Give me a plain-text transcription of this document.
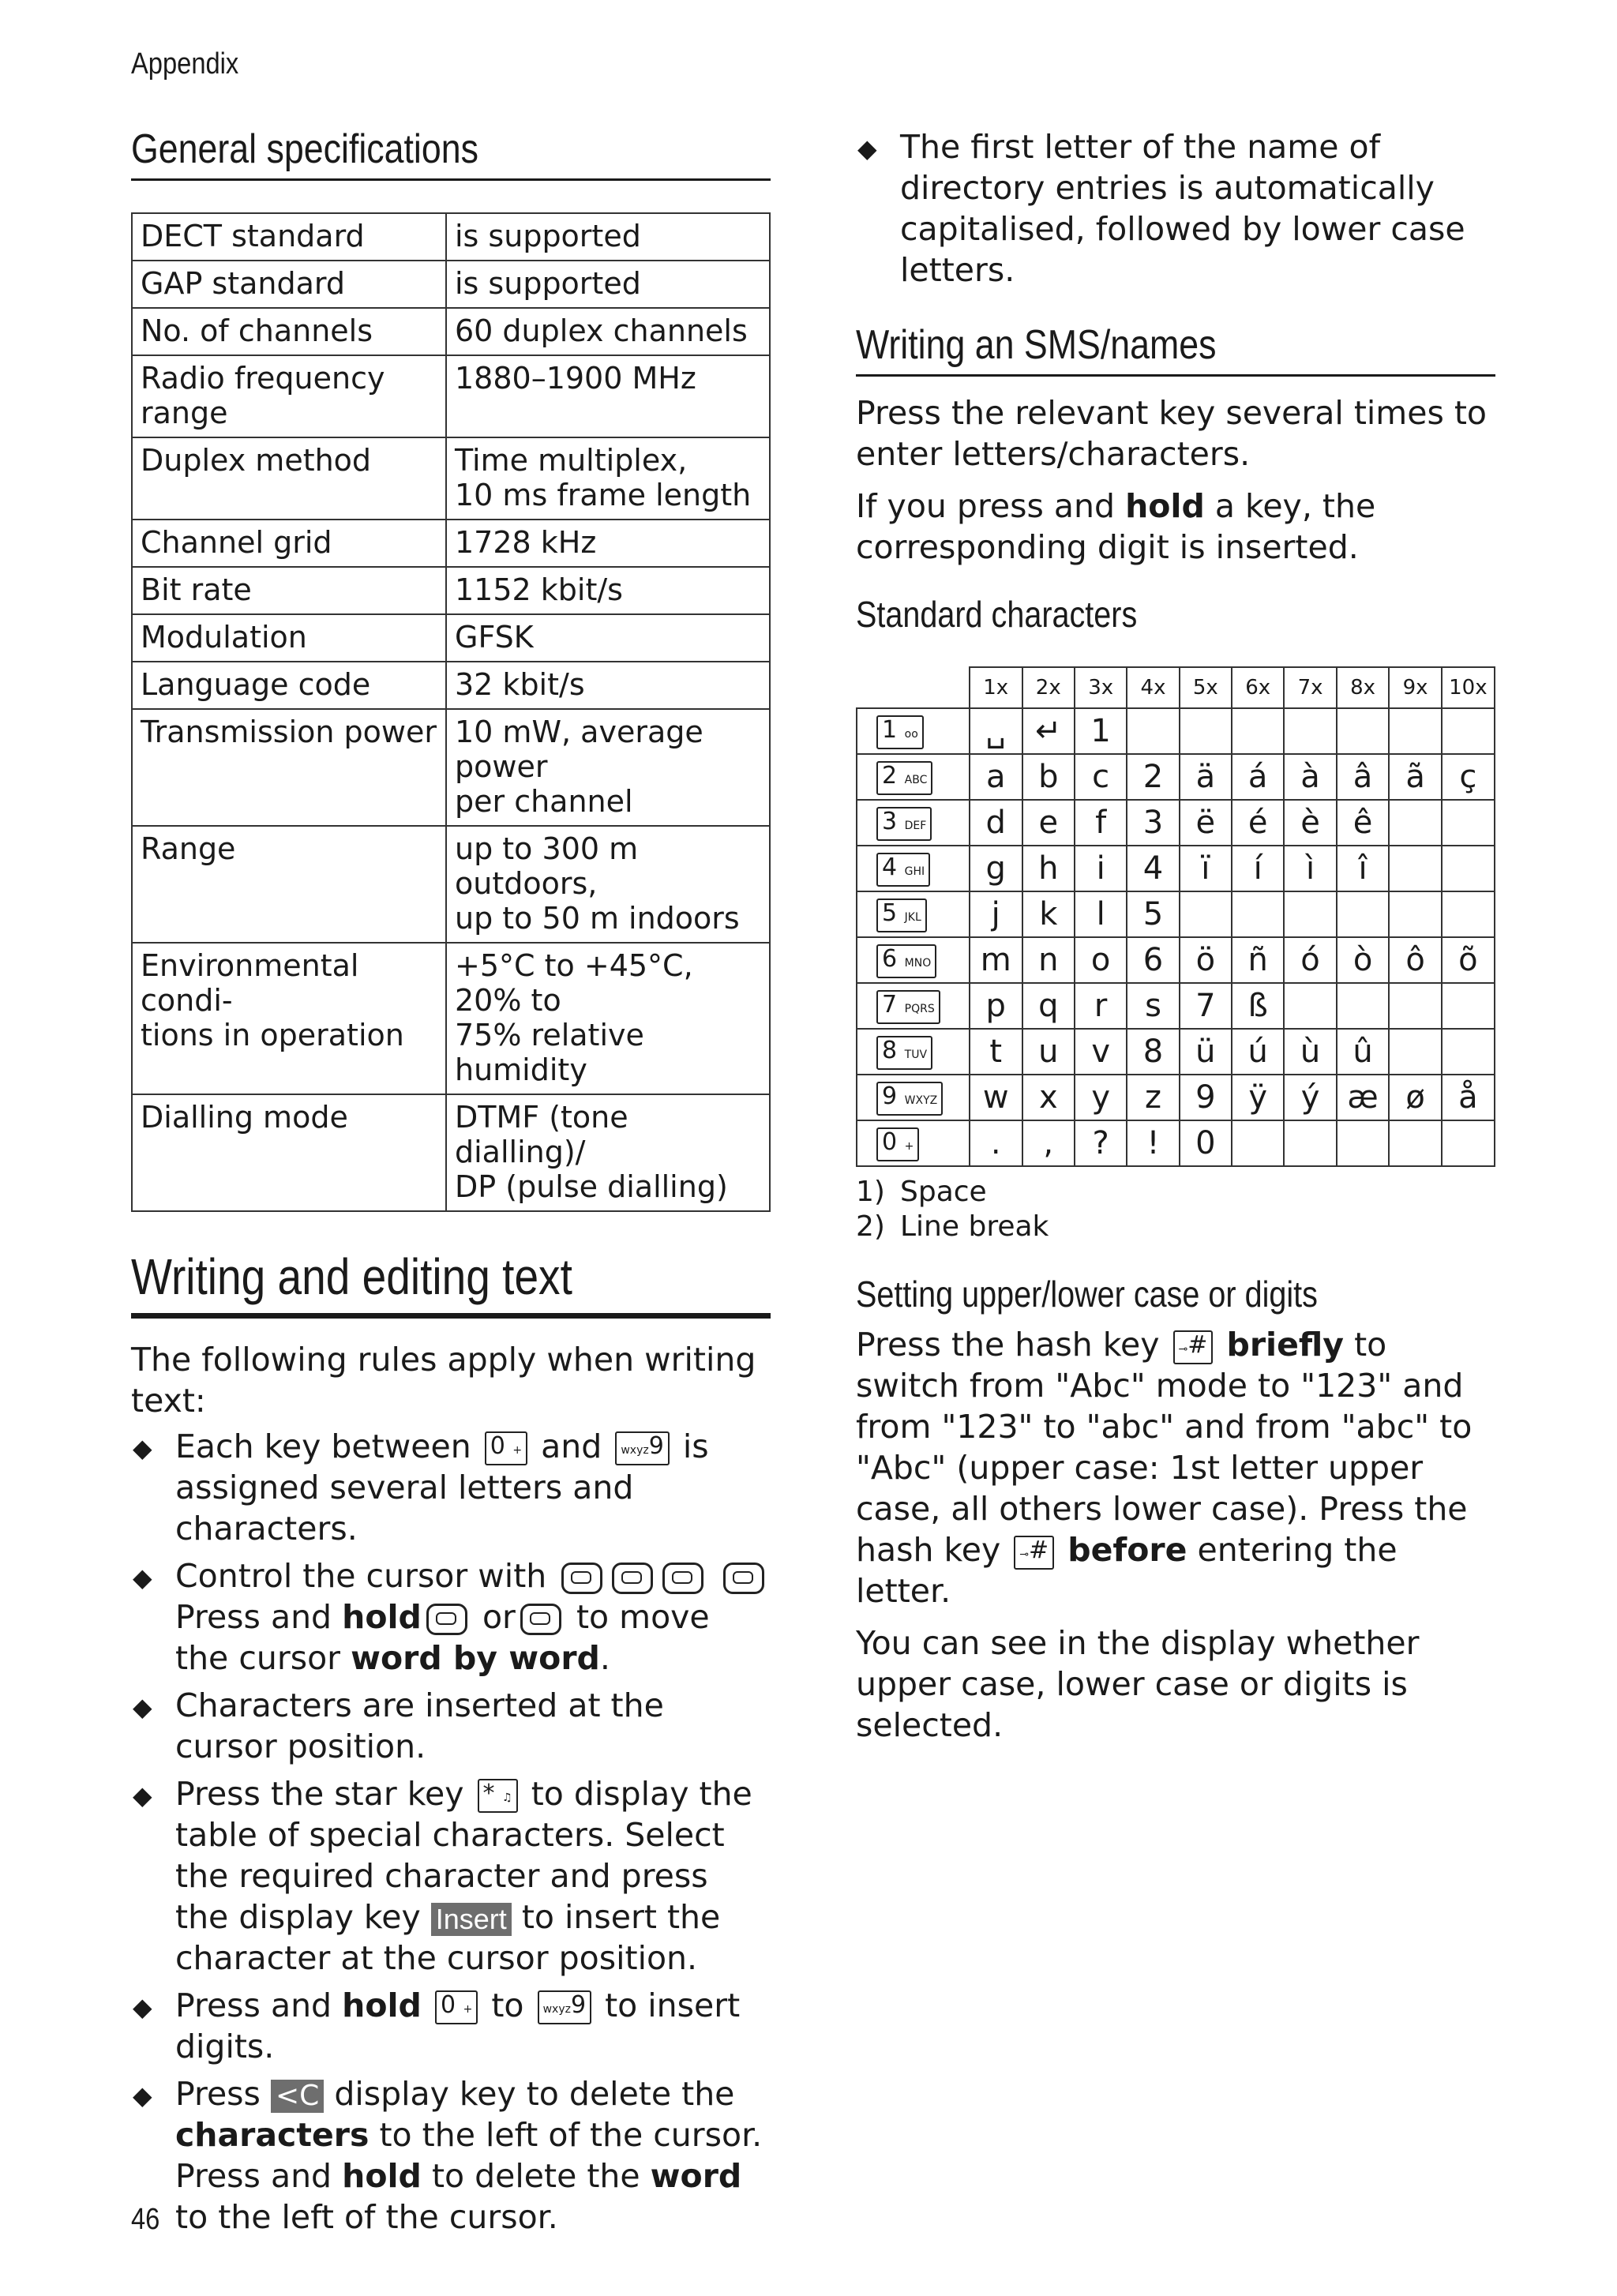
Appendix
General specifications
DECT standard	is supported
GAP standard	is supported
No. of channels	60 duplex channels
Radio frequency range	1880–1900 MHz
Duplex method	Time multiplex,
10 ms frame length
Channel grid	1728 kHz
Bit rate	1152 kbit/s
Modulation	GFSK
Language code	32 kbit/s
Transmission power	10 mW, average power
per channel
Range	up to 300 m outdoors,
up to 50 m indoors
Environmental condi-
tions in operation	+5°C to +45°C, 20% to
75% relative humidity
Dialling mode	DTMF (tone dialling)/
DP (pulse dialling)
Writing and editing text

The following rules apply when writing text:

◆ Each key between 0 + and wxyz9 is assigned several letters and characters.
◆ Control the cursor with   Press and hold or to move the cursor word by word.
◆ Characters are inserted at the cursor position.
◆ Press the star key * ♫ to display the table of special characters. Select the required character and press the display key Insert to insert the character at the cursor position.
◆ Press and hold 0 + to wxyz9 to insert digits.
◆ Press <C display key to delete the characters to the left of the cursor. Press and hold to delete the word to the left of the cursor.
◆ The first letter of the name of directory entries is automatically capitalised, followed by lower case letters.
Writing an SMS/names

Press the relevant key several times to enter letters/characters.

If you press and hold a key, the corresponding digit is inserted.

Standard characters
	1x	2x	3x	4x	5x	6x	7x	8x	9x	10x
1 oo	␣	↵	1							
2 ABC	a	b	c	2	ä	á	à	â	ã	ç
3 DEF	d	e	f	3	ë	é	è	ê		
4 GHI	g	h	i	4	ï	í	ì	î		
5 JKL	j	k	l	5						
6 MNO	m	n	o	6	ö	ñ	ó	ò	ô	õ
7 PQRS	p	q	r	s	7	ß				
8 TUV	t	u	v	8	ü	ú	ù	û		
9 WXYZ	w	x	y	z	9	ÿ	ý	æ	ø	å
0 +	.	,	?	!	0					
1) Space
2) Line break
Setting upper/lower case or digits

Press the hash key ⊸# briefly to switch from "Abc" mode to "123" and from "123" to "abc" and from "abc" to "Abc" (upper case: 1st letter upper case, all others lower case). Press the hash key ⊸# before entering the letter.

You can see in the display whether upper case, lower case or digits is selected.

46
